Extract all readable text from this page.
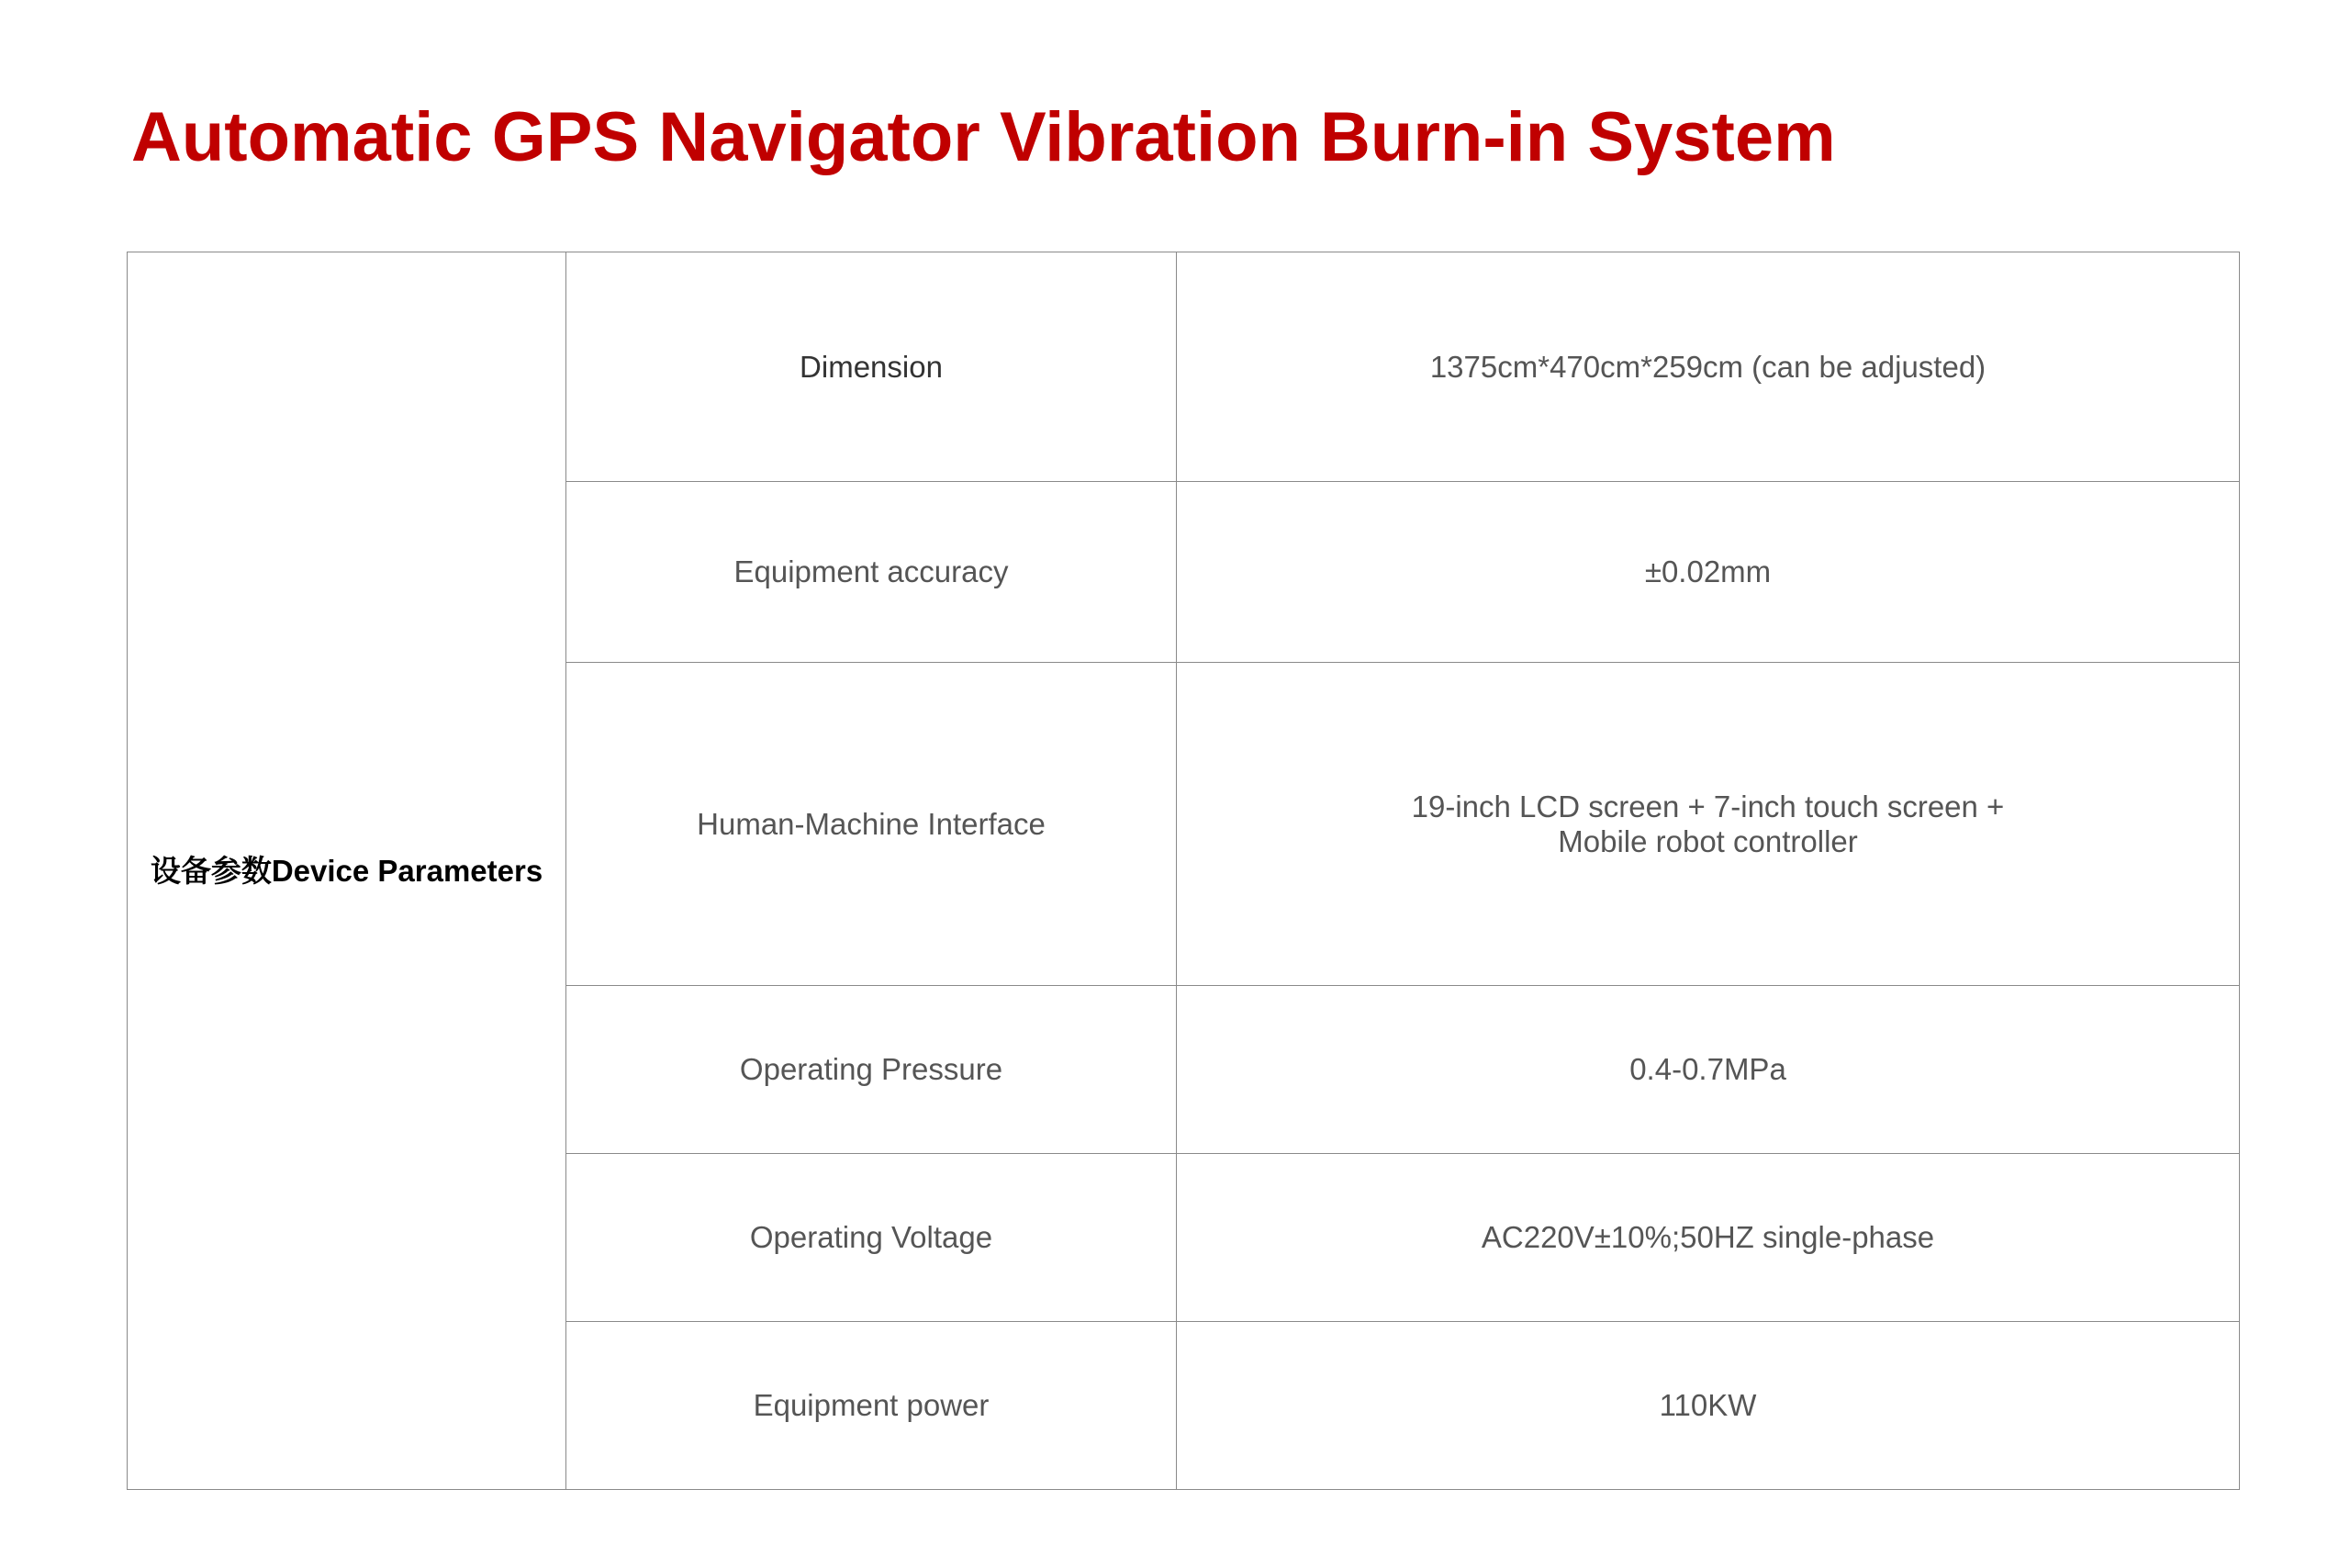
Automatic GPS Navigator Vibration Burn-in System
设备参数Device Parameters	Dimension	1375cm*470cm*259cm (can be adjusted)

	Equipment accuracy	±0.02mm

	Human-Machine Interface	19-inch LCD screen + 7-inch touch screen +
Mobile robot controller

	Operating Pressure	0.4-0.7MPa

	Operating Voltage	AC220V±10%;50HZ single-phase

	Equipment power	110KW
